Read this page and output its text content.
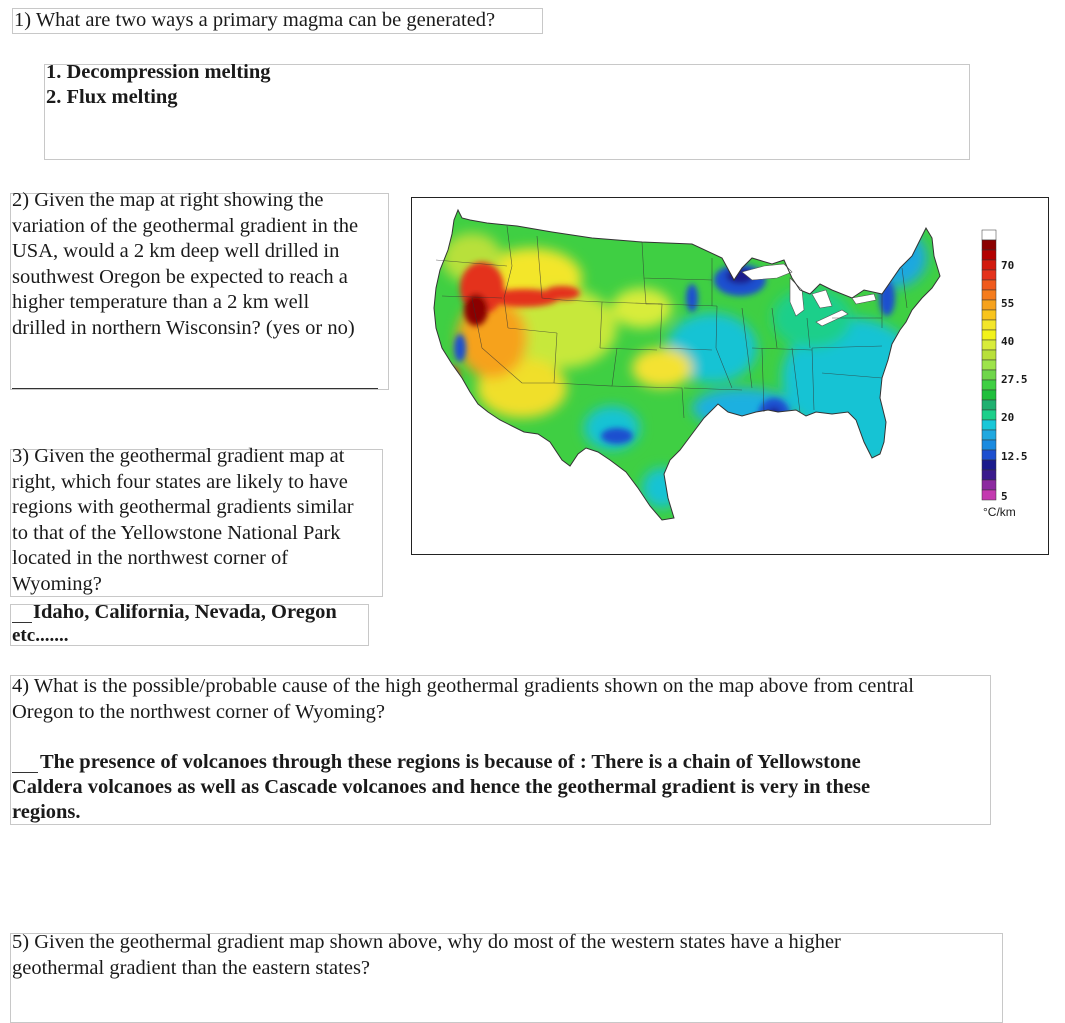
1) What are two ways a primary magma can be generated?
1. Decompression melting
2. Flux melting
2) Given the map at right showing the
variation of the geothermal gradient in the
USA, would a 2 km deep well drilled in
southwest Oregon be expected to reach a
higher temperature than a 2 km well
drilled in northern Wisconsin? (yes or no)
3) Given the geothermal gradient map at
right, which four states are likely to have
regions with geothermal gradients similar
to that of the Yellowstone National Park
located in the northwest corner of
Wyoming?
Idaho, California, Nevada, Oregon
etc.......
70
55
40
27.5
20
12.5
5
°C/km
4) What is the possible/probable cause of the high geothermal gradients shown on the map above from central
Oregon to the northwest corner of Wyoming?
The presence of volcanoes through these regions is because of : There is a chain of Yellowstone
Caldera volcanoes as well as Cascade volcanoes and hence the geothermal gradient is very in these
regions.
5) Given the geothermal gradient map shown above, why do most of the western states have a higher
geothermal gradient than the eastern states?
